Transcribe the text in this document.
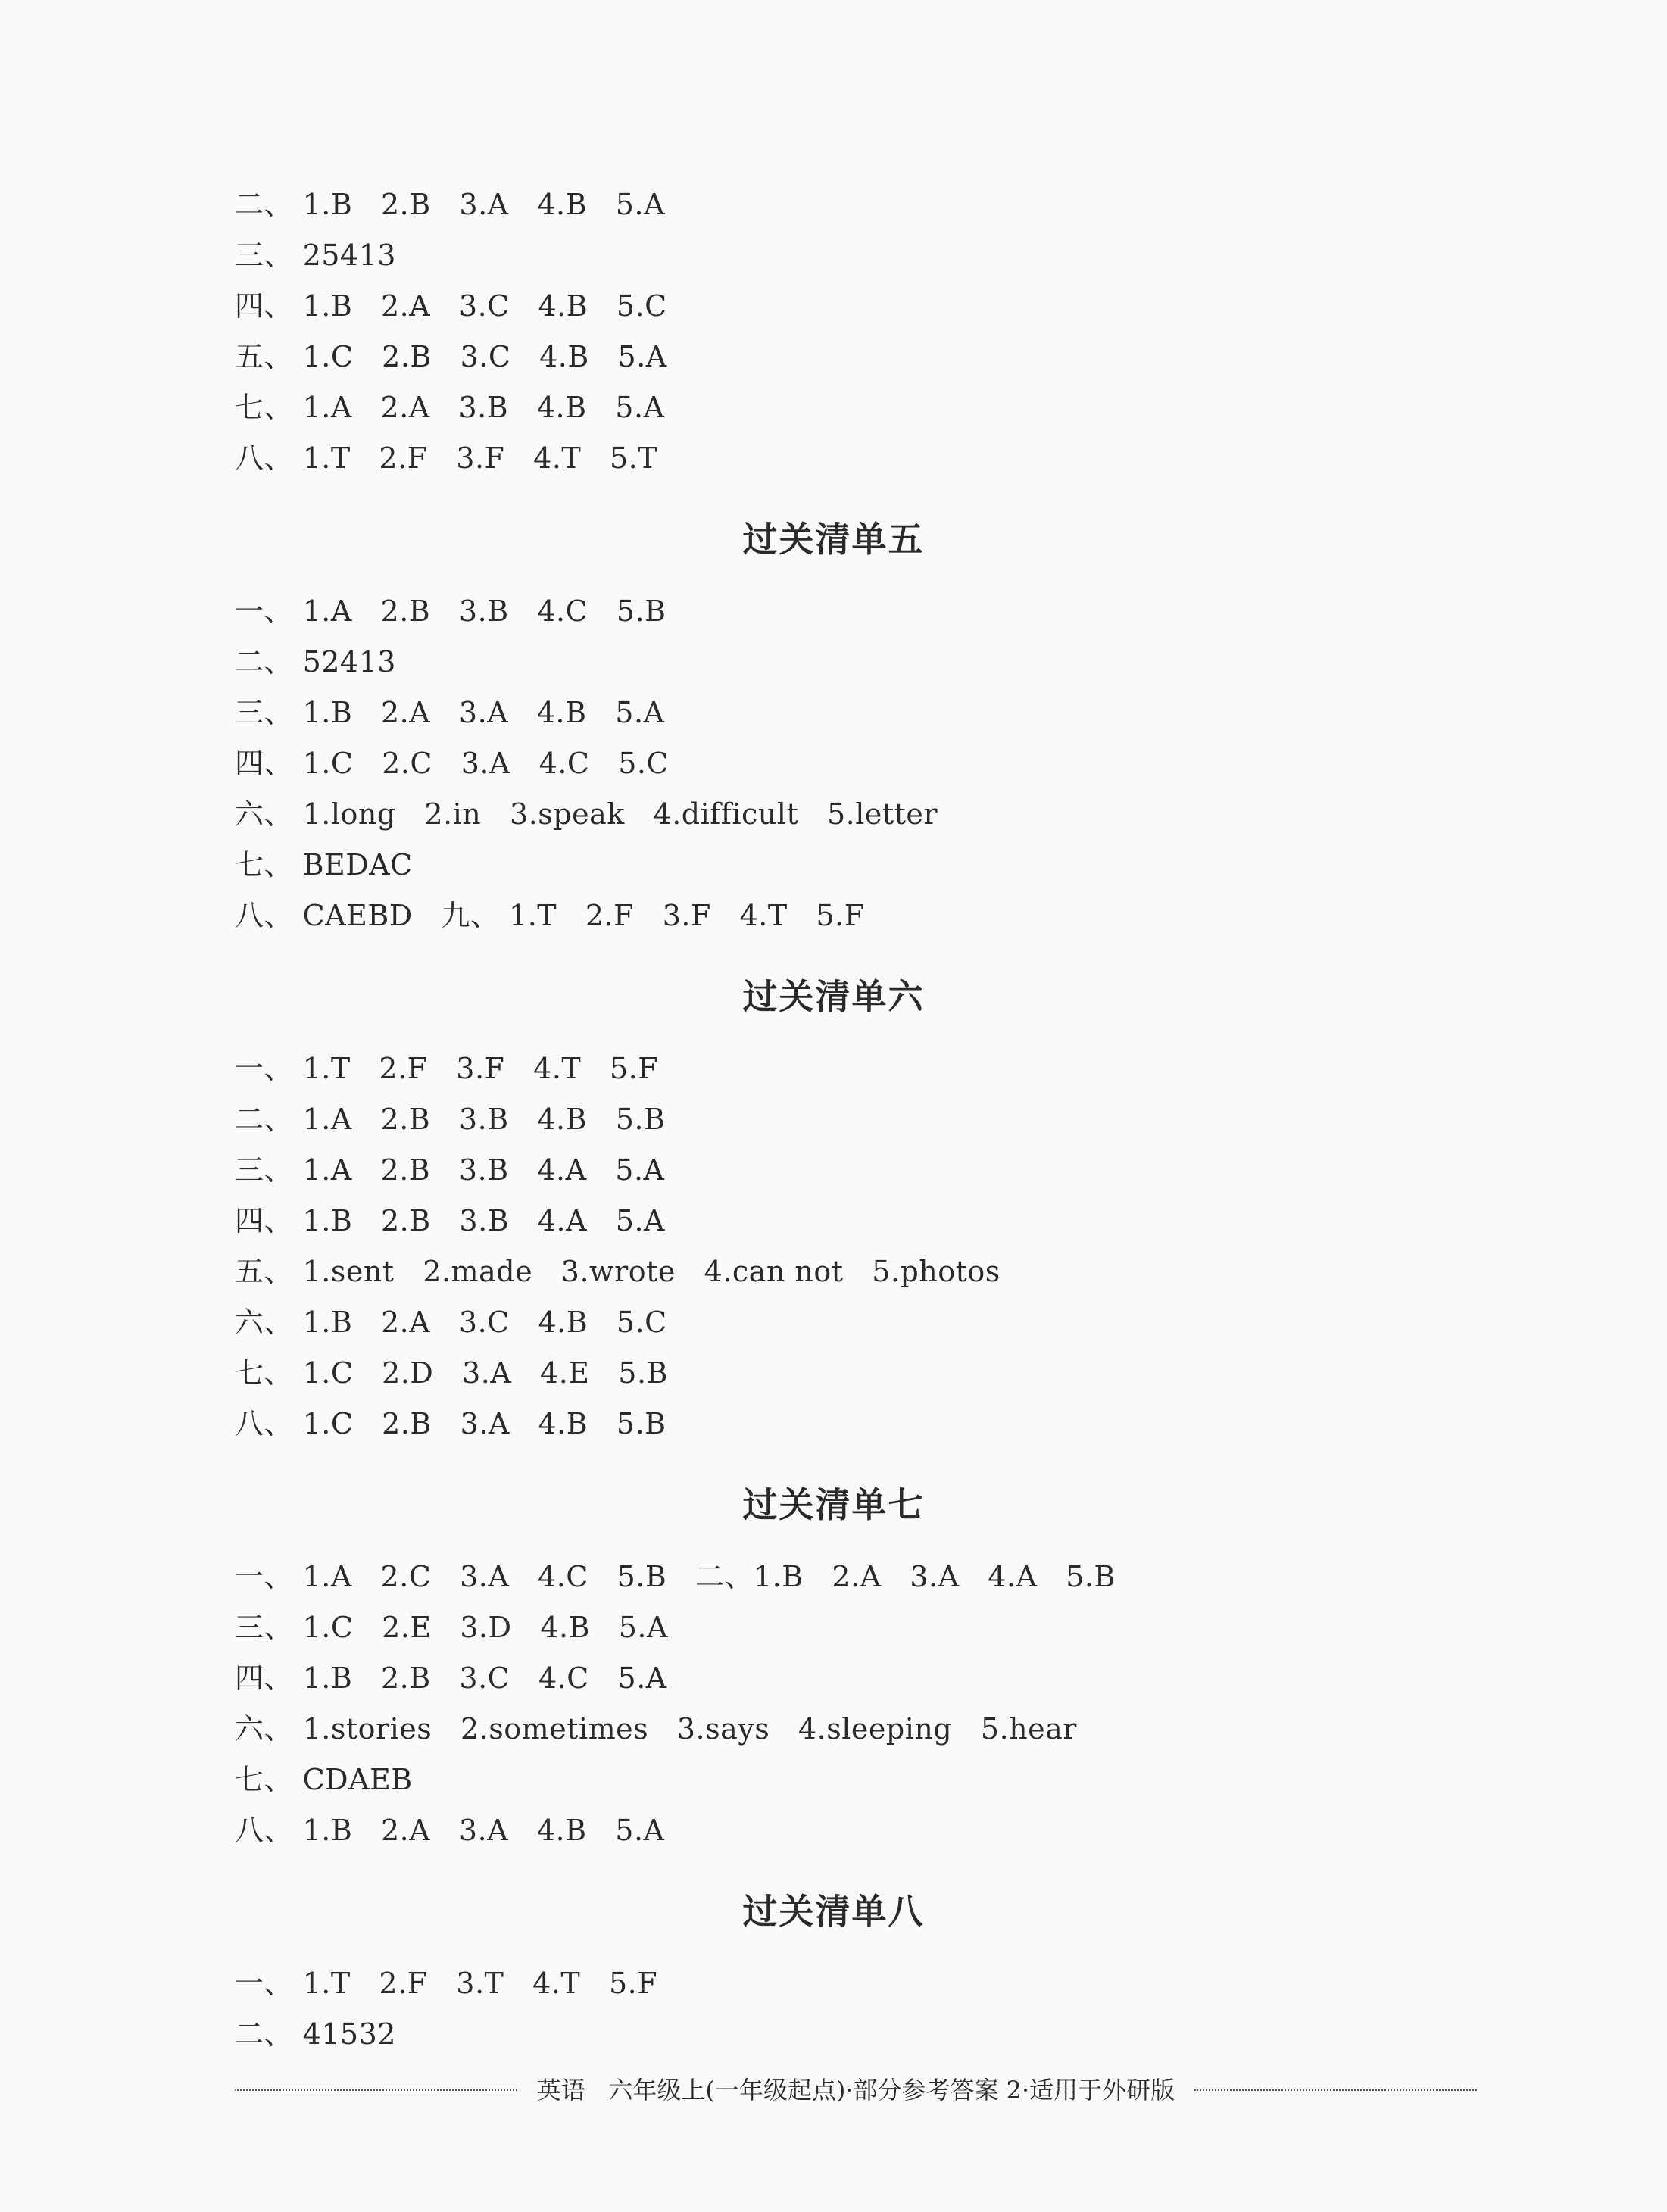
二、 1.B   2.B   3.A   4.B   5.A
三、 25413
四、 1.B   2.A   3.C   4.B   5.C
五、 1.C   2.B   3.C   4.B   5.A
七、 1.A   2.A   3.B   4.B   5.A
八、 1.T   2.F   3.F   4.T   5.T
过关清单五
一、 1.A   2.B   3.B   4.C   5.B
二、 52413
三、 1.B   2.A   3.A   4.B   5.A
四、 1.C   2.C   3.A   4.C   5.C
六、 1.long   2.in   3.speak   4.difficult   5.letter
七、 BEDAC
八、 CAEBD   九、 1.T   2.F   3.F   4.T   5.F
过关清单六
一、 1.T   2.F   3.F   4.T   5.F
二、 1.A   2.B   3.B   4.B   5.B
三、 1.A   2.B   3.B   4.A   5.A
四、 1.B   2.B   3.B   4.A   5.A
五、 1.sent   2.made   3.wrote   4.can not   5.photos
六、 1.B   2.A   3.C   4.B   5.C
七、 1.C   2.D   3.A   4.E   5.B
八、 1.C   2.B   3.A   4.B   5.B
过关清单七
一、 1.A   2.C   3.A   4.C   5.B   二、1.B   2.A   3.A   4.A   5.B
三、 1.C   2.E   3.D   4.B   5.A
四、 1.B   2.B   3.C   4.C   5.A
六、 1.stories   2.sometimes   3.says   4.sleeping   5.hear
七、 CDAEB
八、 1.B   2.A   3.A   4.B   5.A
过关清单八
一、 1.T   2.F   3.T   4.T   5.F
二、 41532
英语   六年级上(一年级起点)·部分参考答案 2·适用于外研版
